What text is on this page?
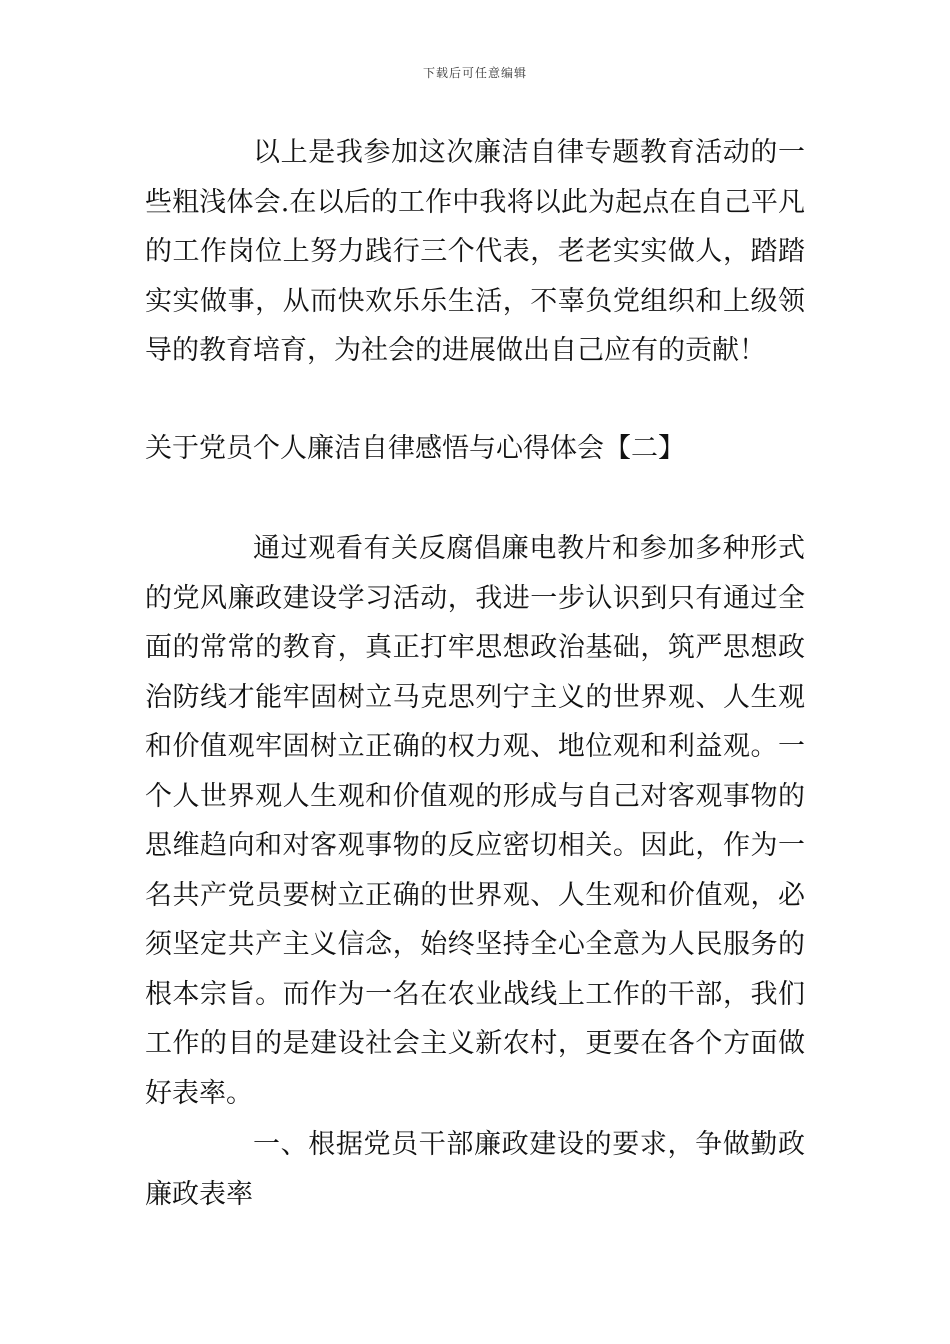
下载后可任意编辑

以上是我参加这次廉洁自律专题教育活动的一些粗浅体会.在以后的工作中我将以此为起点在自己平凡的工作岗位上努力践行三个代表，老老实实做人，踏踏实实做事，从而快欢乐乐生活，不辜负党组织和上级领导的教育培育，为社会的进展做出自己应有的贡献！

关于党员个人廉洁自律感悟与心得体会【二】

通过观看有关反腐倡廉电教片和参加多种形式的党风廉政建设学习活动，我进一步认识到只有通过全面的常常的教育，真正打牢思想政治基础，筑严思想政治防线才能牢固树立马克思列宁主义的世界观、人生观和价值观牢固树立正确的权力观、地位观和利益观。一个人世界观人生观和价值观的形成与自己对客观事物的思维趋向和对客观事物的反应密切相关。因此，作为一名共产党员要树立正确的世界观、人生观和价值观，必须坚定共产主义信念，始终坚持全心全意为人民服务的根本宗旨。而作为一名在农业战线上工作的干部，我们工作的目的是建设社会主义新农村，更要在各个方面做好表率。

一、根据党员干部廉政建设的要求，争做勤政廉政表率
